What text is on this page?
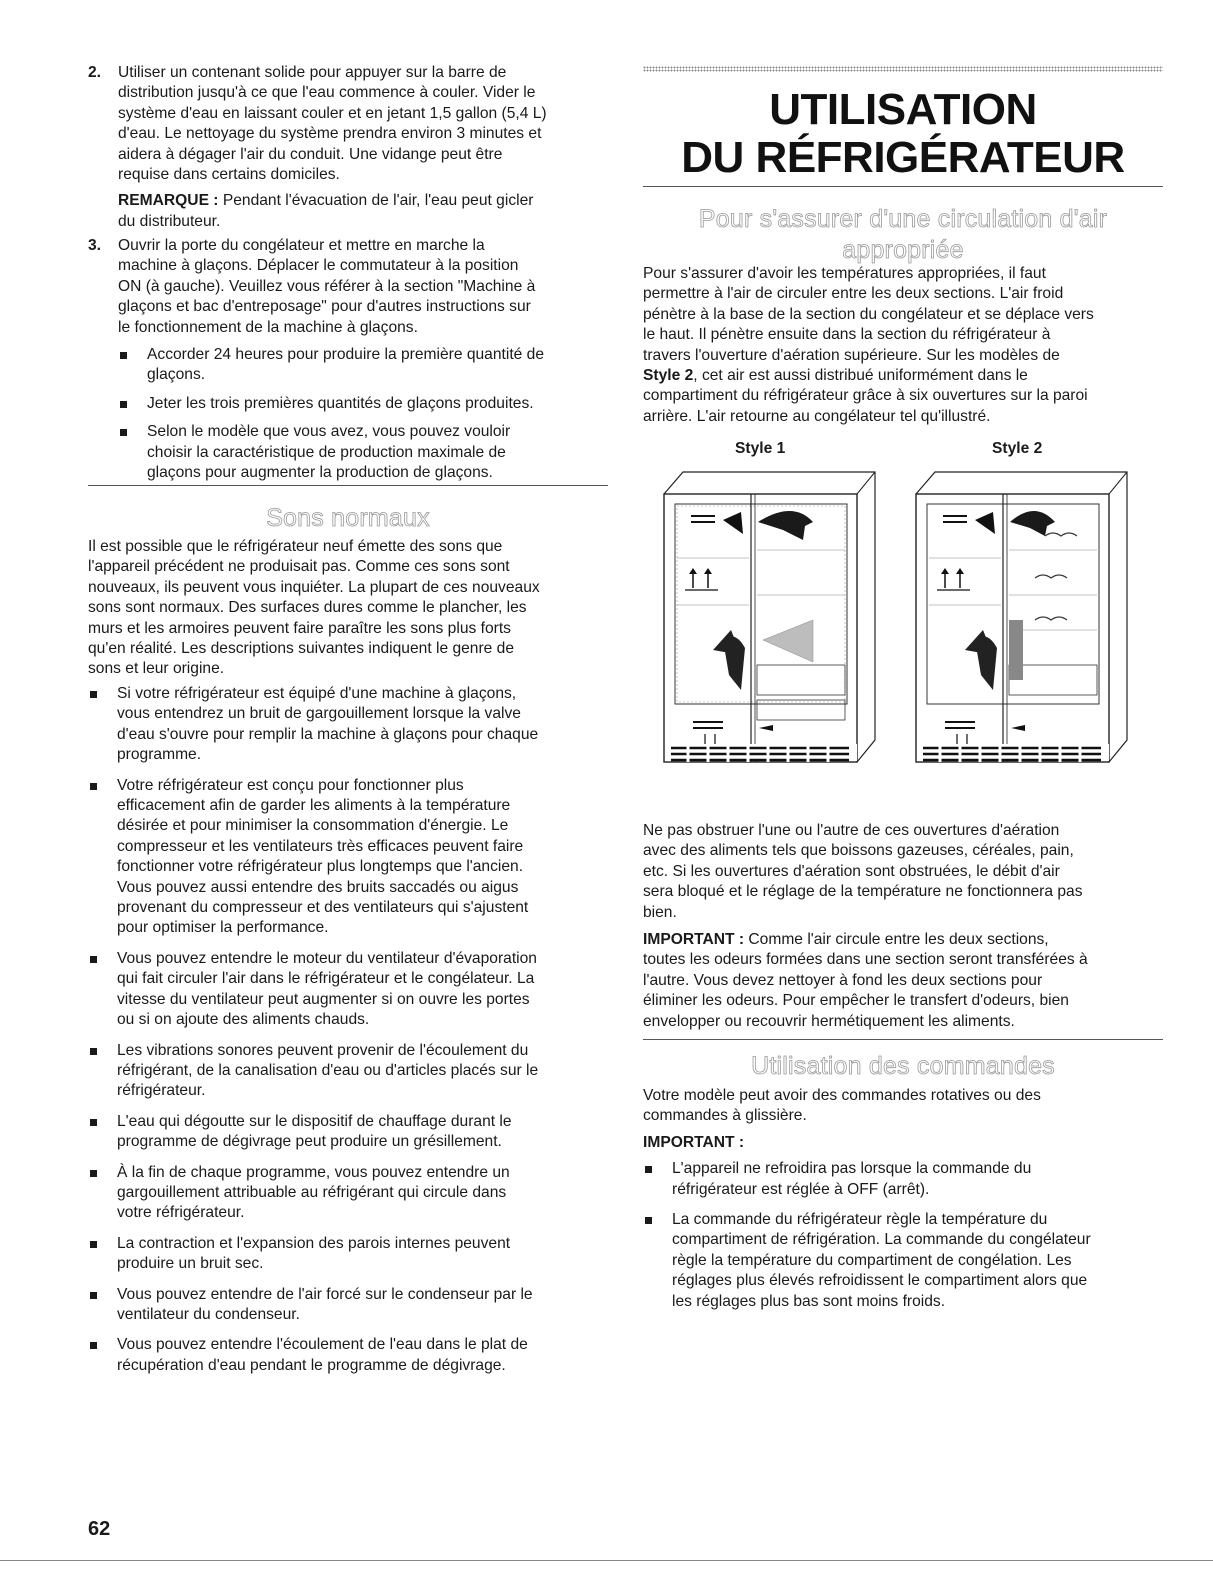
2. Utiliser un contenant solide pour appuyer sur la barre de

distribution jusqu'à ce que l'eau commence à couler. Vider le

système d'eau en laissant couler et en jetant 1,5 gallon (5,4 L)

d'eau. Le nettoyage du système prendra environ 3 minutes et

aidera à dégager l'air du conduit. Une vidange peut être

requise dans certains domiciles.

REMARQUE : Pendant l'évacuation de l'air, l'eau peut gicler

du distributeur.

3. Ouvrir la porte du congélateur et mettre en marche la

machine à glaçons. Déplacer le commutateur à la position

ON (à gauche). Veuillez vous référer à la section "Machine à

glaçons et bac d'entreposage" pour d'autres instructions sur

le fonctionnement de la machine à glaçons.

Accorder 24 heures pour produire la première quantité de

glaçons.

Jeter les trois premières quantités de glaçons produites.

Selon le modèle que vous avez, vous pouvez vouloir

choisir la caractéristique de production maximale de

glaçons pour augmenter la production de glaçons.

Sons normaux

Il est possible que le réfrigérateur neuf émette des sons que

l'appareil précédent ne produisait pas. Comme ces sons sont

nouveaux, ils peuvent vous inquiéter. La plupart de ces nouveaux

sons sont normaux. Des surfaces dures comme le plancher, les

murs et les armoires peuvent faire paraître les sons plus forts

qu'en réalité. Les descriptions suivantes indiquent le genre de

sons et leur origine.

Si votre réfrigérateur est équipé d'une machine à glaçons,

vous entendrez un bruit de gargouillement lorsque la valve

d'eau s'ouvre pour remplir la machine à glaçons pour chaque

programme.

Votre réfrigérateur est conçu pour fonctionner plus

efficacement afin de garder les aliments à la température

désirée et pour minimiser la consommation d'énergie. Le

compresseur et les ventilateurs très efficaces peuvent faire

fonctionner votre réfrigérateur plus longtemps que l'ancien.

Vous pouvez aussi entendre des bruits saccadés ou aigus

provenant du compresseur et des ventilateurs qui s'ajustent

pour optimiser la performance.

Vous pouvez entendre le moteur du ventilateur d'évaporation

qui fait circuler l'air dans le réfrigérateur et le congélateur. La

vitesse du ventilateur peut augmenter si on ouvre les portes

ou si on ajoute des aliments chauds.

Les vibrations sonores peuvent provenir de l'écoulement du

réfrigérant, de la canalisation d'eau ou d'articles placés sur le

réfrigérateur.

L'eau qui dégoutte sur le dispositif de chauffage durant le

programme de dégivrage peut produire un grésillement.

À la fin de chaque programme, vous pouvez entendre un

gargouillement attribuable au réfrigérant qui circule dans

votre réfrigérateur.

La contraction et l'expansion des parois internes peuvent

produire un bruit sec.

Vous pouvez entendre de l'air forcé sur le condenseur par le

ventilateur du condenseur.

Vous pouvez entendre l'écoulement de l'eau dans le plat de

récupération d'eau pendant le programme de dégivrage.

UTILISATION
DU RÉFRIGÉRATEUR
Pour s'assurer d'une circulation d'air
appropriée

Pour s'assurer d'avoir les températures appropriées, il faut

permettre à l'air de circuler entre les deux sections. L'air froid

pénètre à la base de la section du congélateur et se déplace vers

le haut. Il pénètre ensuite dans la section du réfrigérateur à

travers l'ouverture d'aération supérieure. Sur les modèles de

Style 2, cet air est aussi distribué uniformément dans le

compartiment du réfrigérateur grâce à six ouvertures sur la paroi

arrière. L'air retourne au congélateur tel qu'illustré.

Style 1	Style 2

Ne pas obstruer l'une ou l'autre de ces ouvertures d'aération

avec des aliments tels que boissons gazeuses, céréales, pain,

etc. Si les ouvertures d'aération sont obstruées, le débit d'air

sera bloqué et le réglage de la température ne fonctionnera pas

bien.

IMPORTANT : Comme l'air circule entre les deux sections,

toutes les odeurs formées dans une section seront transférées à

l'autre. Vous devez nettoyer à fond les deux sections pour

éliminer les odeurs. Pour empêcher le transfert d'odeurs, bien

envelopper ou recouvrir hermétiquement les aliments.

Utilisation des commandes

Votre modèle peut avoir des commandes rotatives ou des

commandes à glissière.

IMPORTANT :

L'appareil ne refroidira pas lorsque la commande du

réfrigérateur est réglée à OFF (arrêt).

La commande du réfrigérateur règle la température du

compartiment de réfrigération. La commande du congélateur

règle la température du compartiment de congélation. Les

réglages plus élevés refroidissent le compartiment alors que

les réglages plus bas sont moins froids.

62
